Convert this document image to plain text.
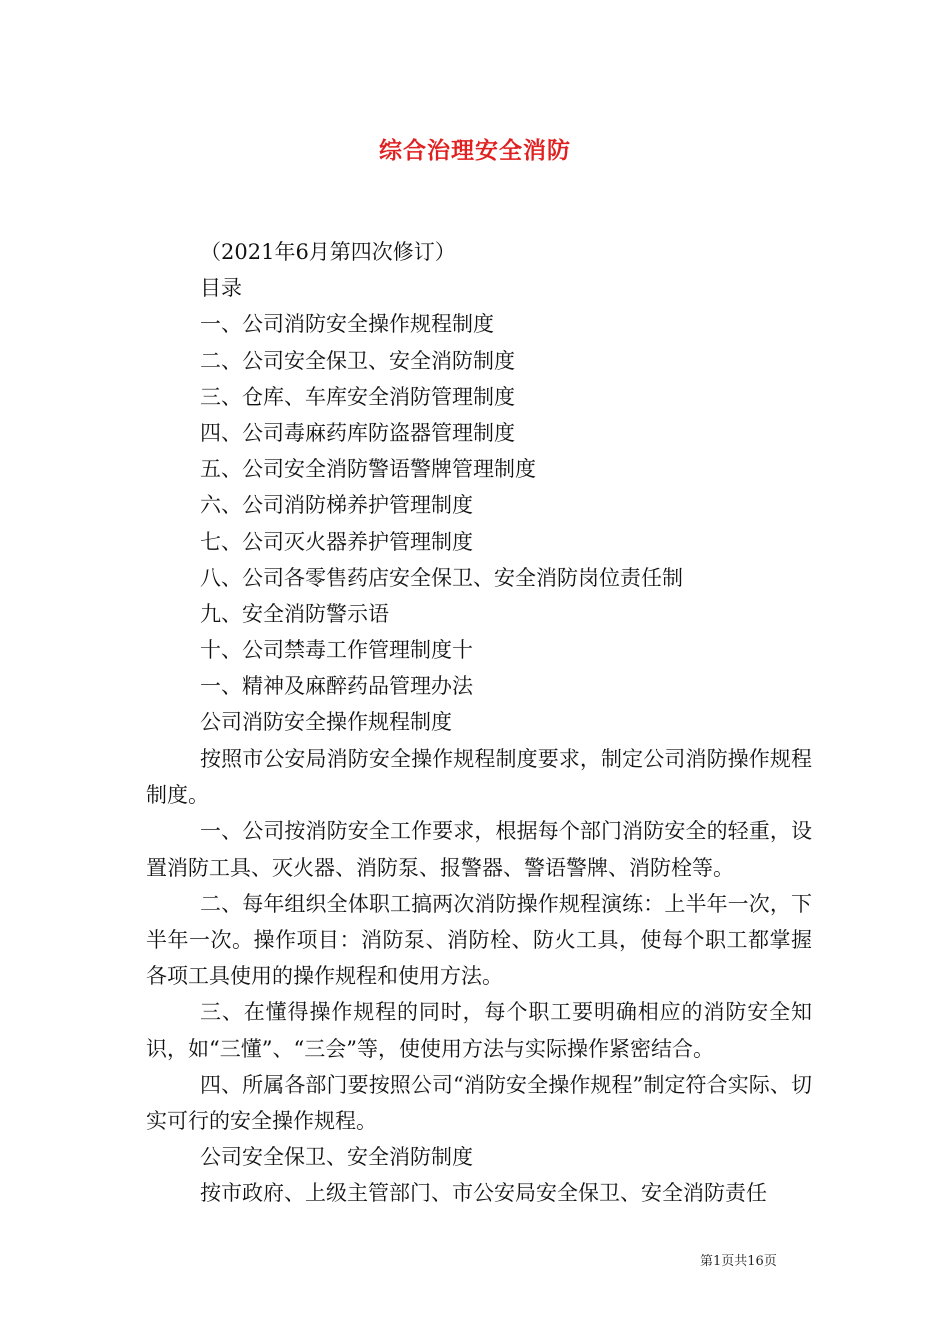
综合治理安全消防
（2021年6月第四次修订）
目录
一、公司消防安全操作规程制度
二、公司安全保卫、安全消防制度
三、仓库、车库安全消防管理制度
四、公司毒麻药库防盗器管理制度
五、公司安全消防警语警牌管理制度
六、公司消防梯养护管理制度
七、公司灭火器养护管理制度
八、公司各零售药店安全保卫、安全消防岗位责任制
九、安全消防警示语
十、公司禁毒工作管理制度十
一、精神及麻醉药品管理办法
公司消防安全操作规程制度

按照市公安局消防安全操作规程制度要求，制定公司消防操作规程制度。

一、公司按消防安全工作要求，根据每个部门消防安全的轻重，设置消防工具、灭火器、消防泵、报警器、警语警牌、消防栓等。

二、每年组织全体职工搞两次消防操作规程演练：上半年一次，下半年一次。操作项目：消防泵、消防栓、防火工具，使每个职工都掌握各项工具使用的操作规程和使用方法。

三、在懂得操作规程的同时，每个职工要明确相应的消防安全知识，如“三懂”、“三会”等，使使用方法与实际操作紧密结合。

四、所属各部门要按照公司“消防安全操作规程”制定符合实际、切实可行的安全操作规程。

公司安全保卫、安全消防制度

按市政府、上级主管部门、市公安局安全保卫、安全消防责任

第1页共16页
